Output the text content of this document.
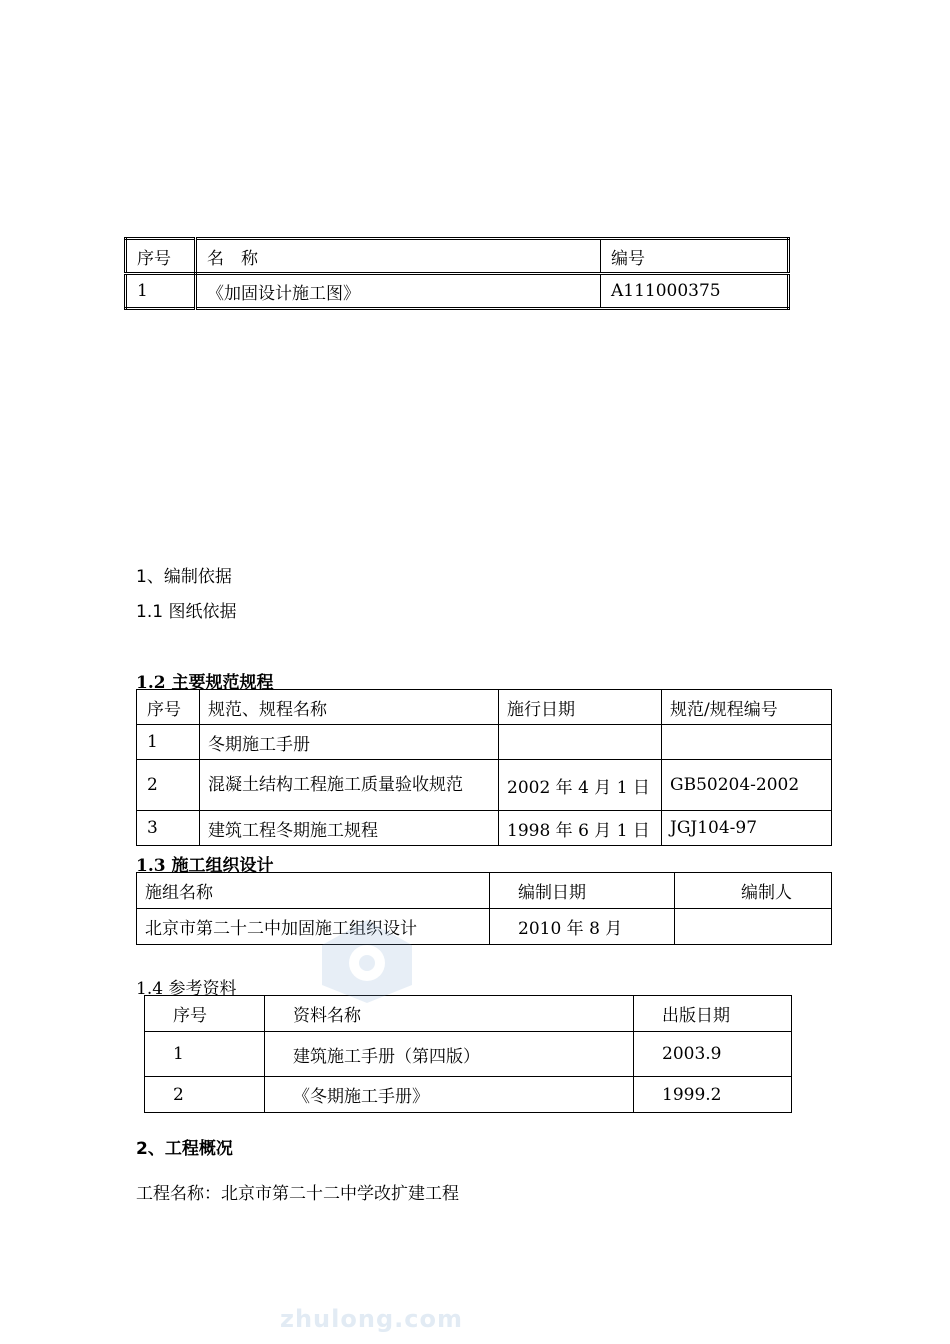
序号	名　称	编号
1	《加固设计施工图》	A111000375
1、编制依据
1.1 图纸依据
1.2 主要规范规程
序号	规范、规程名称	施行日期	规范/规程编号
1	冬期施工手册		
2	混凝土结构工程施工质量验收规范	2002 年 4 月 1 日	GB50204-2002
3	建筑工程冬期施工规程	1998 年 6 月 1 日	JGJ104-97
1.3 施工组织设计
施组名称	编制日期	编制人
北京市第二十二中加固施工组织设计	2010 年 8 月	
1.4 参考资料
序号	资料名称	出版日期
1	建筑施工手册（第四版）	2003.9
2	《冬期施工手册》	1999.2
2、工程概况
工程名称：北京市第二十二中学改扩建工程
zhulong.com
